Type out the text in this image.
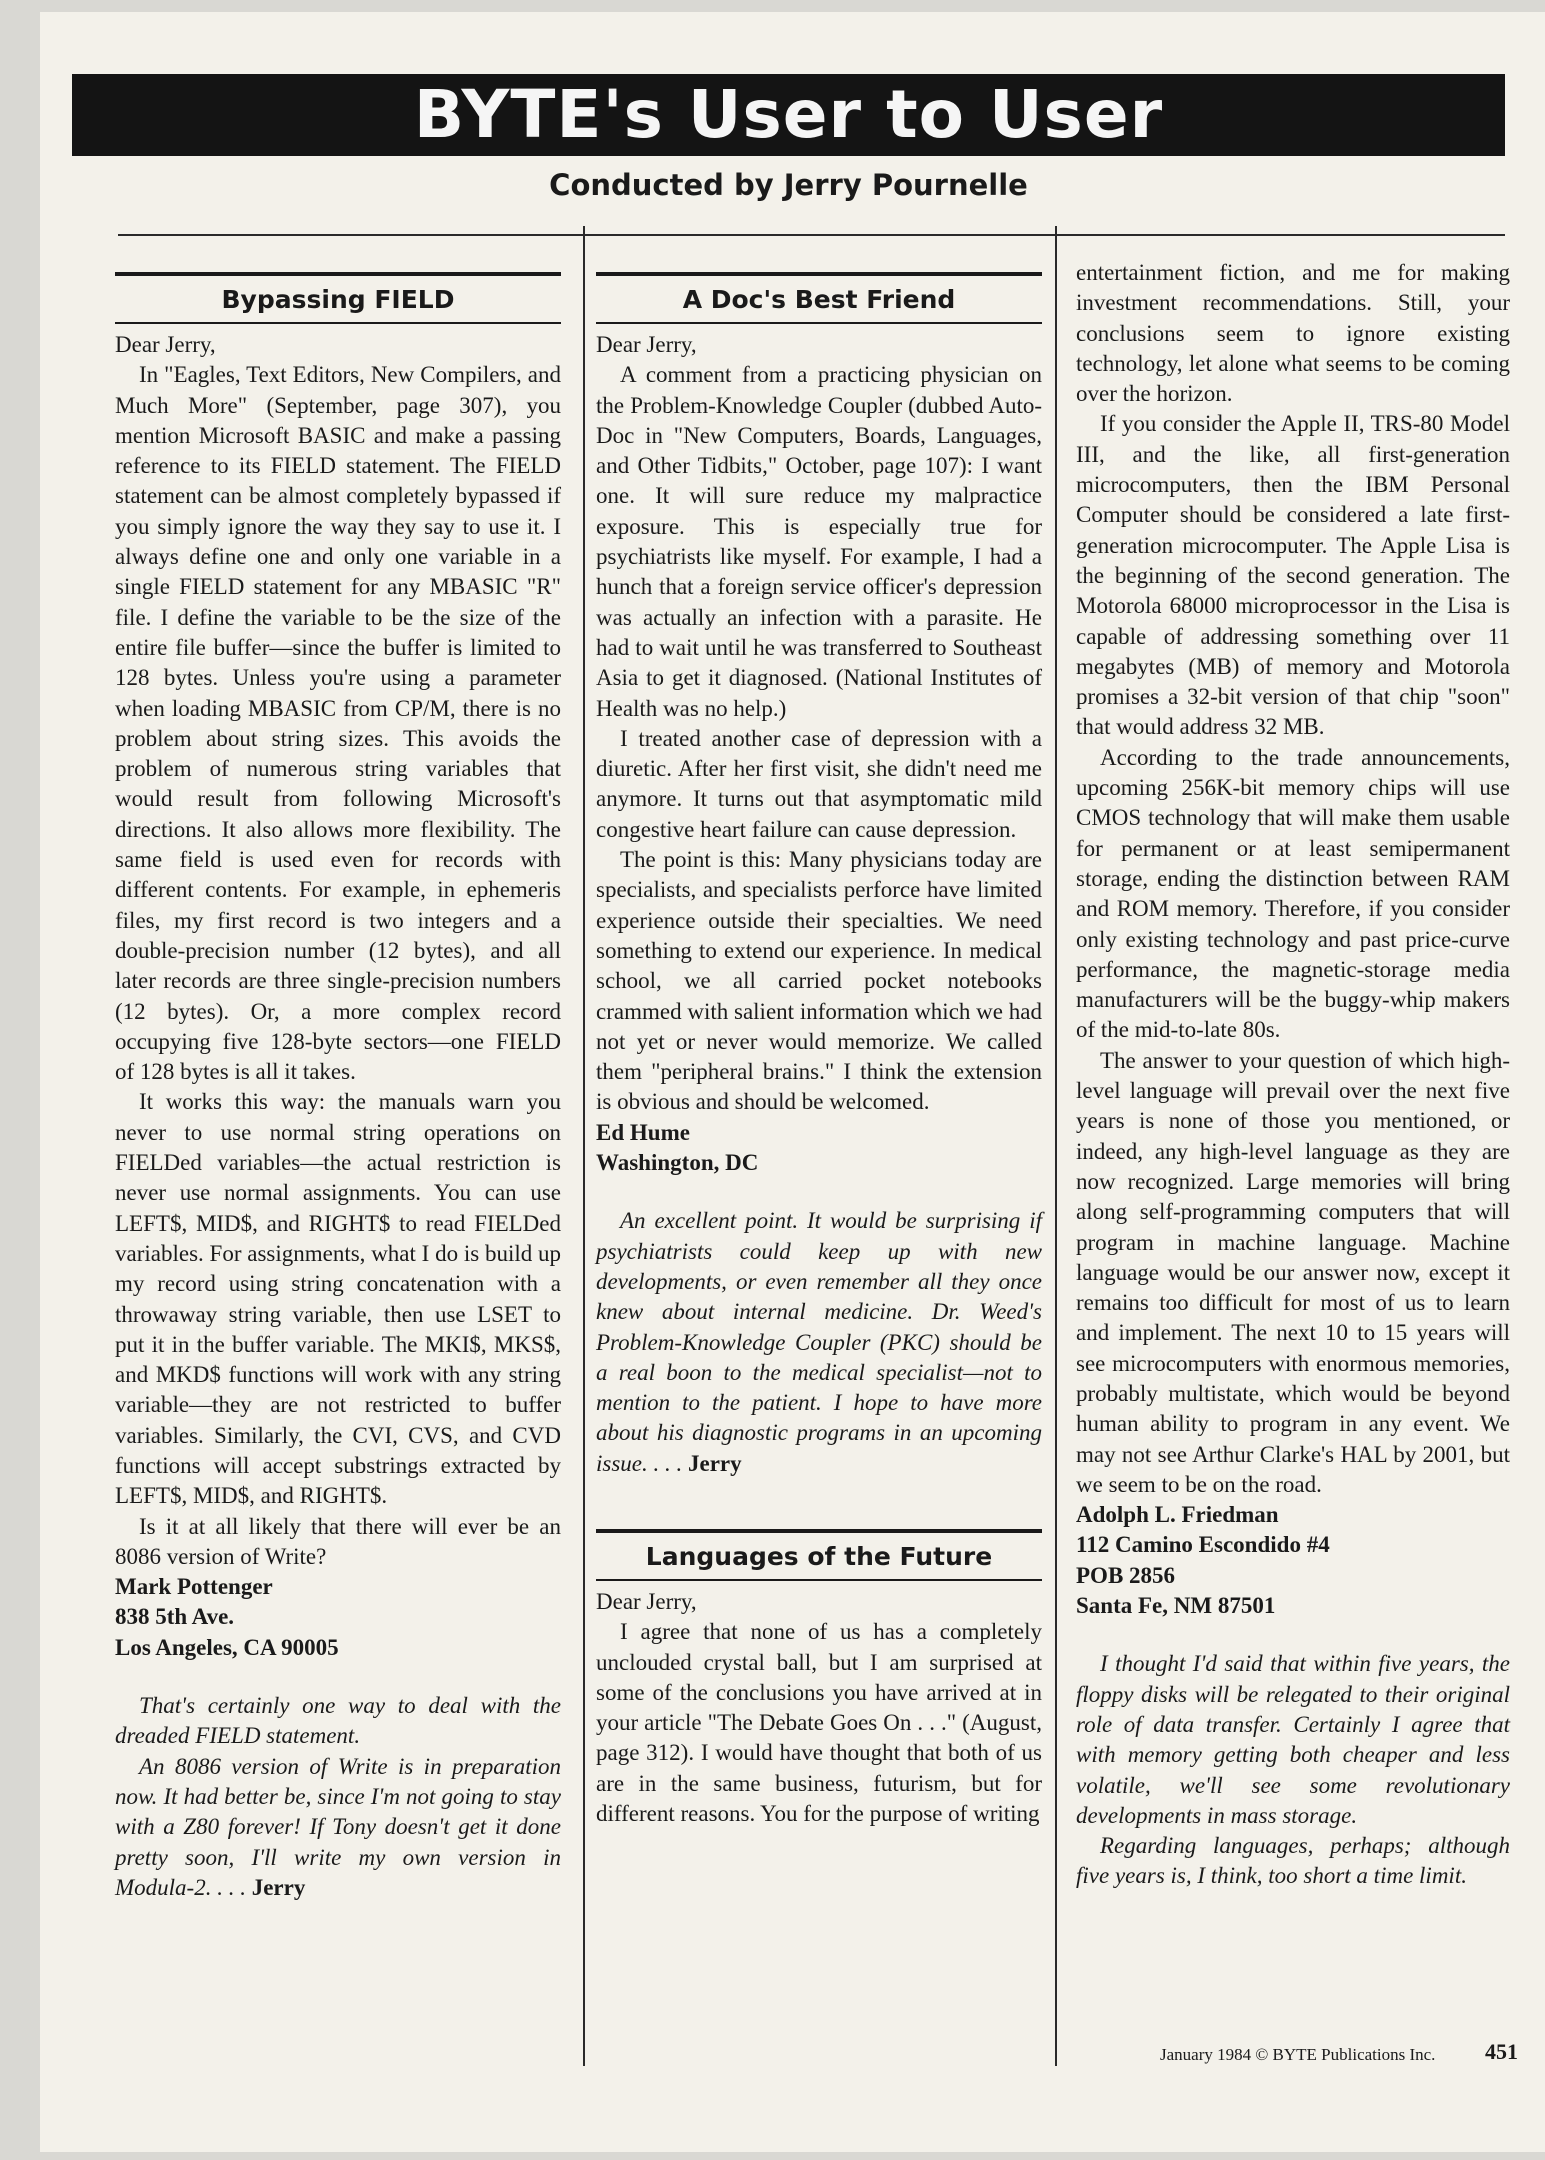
BYTE's User to User
Conducted by Jerry Pournelle
Bypassing FIELD

Dear Jerry,

In "Eagles, Text Editors, New Compilers, and Much More" (September, page 307), you mention Microsoft BASIC and make a passing reference to its FIELD statement. The FIELD statement can be almost completely bypassed if you simply ignore the way they say to use it. I always define one and only one variable in a single FIELD statement for any MBASIC "R" file. I define the variable to be the size of the entire file buffer—since the buffer is limited to 128 bytes. Unless you're using a parameter when loading MBASIC from CP/M, there is no problem about string sizes. This avoids the problem of numerous string variables that would result from following Microsoft's directions. It also allows more flexibility. The same field is used even for records with different contents. For example, in ephemeris files, my first record is two integers and a double-precision number (12 bytes), and all later records are three single-precision numbers (12 bytes). Or, a more complex record occupying five 128-byte sectors—one FIELD of 128 bytes is all it takes.

It works this way: the manuals warn you never to use normal string operations on FIELDed variables—the actual restriction is never use normal assignments. You can use LEFT$, MID$, and RIGHT$ to read FIELDed variables. For assignments, what I do is build up my record using string concatenation with a throwaway string variable, then use LSET to put it in the buffer variable. The MKI$, MKS$, and MKD$ functions will work with any string variable—they are not restricted to buffer variables. Similarly, the CVI, CVS, and CVD functions will accept substrings extracted by LEFT$, MID$, and RIGHT$.

Is it at all likely that there will ever be an 8086 version of Write?

Mark Pottenger

838 5th Ave.

Los Angeles, CA 90005

That's certainly one way to deal with the dreaded FIELD statement.

An 8086 version of Write is in preparation now. It had better be, since I'm not going to stay with a Z80 forever! If Tony doesn't get it done pretty soon, I'll write my own version in Modula-2. . . . Jerry

A Doc's Best Friend

Dear Jerry,

A comment from a practicing physician on the Problem-Knowledge Coupler (dubbed Auto-Doc in "New Computers, Boards, Languages, and Other Tidbits," October, page 107): I want one. It will sure reduce my malpractice exposure. This is especially true for psychiatrists like myself. For example, I had a hunch that a foreign service officer's depression was actually an infection with a parasite. He had to wait until he was transferred to Southeast Asia to get it diagnosed. (National Institutes of Health was no help.)

I treated another case of depression with a diuretic. After her first visit, she didn't need me anymore. It turns out that asymptomatic mild congestive heart failure can cause depression.

The point is this: Many physicians today are specialists, and specialists perforce have limited experience outside their specialties. We need something to extend our experience. In medical school, we all carried pocket notebooks crammed with salient information which we had not yet or never would memorize. We called them "peripheral brains." I think the extension is obvious and should be welcomed.

Ed Hume

Washington, DC

An excellent point. It would be surprising if psychiatrists could keep up with new developments, or even remember all they once knew about internal medicine. Dr. Weed's Problem-Knowledge Coupler (PKC) should be a real boon to the medical specialist—not to mention to the patient. I hope to have more about his diagnostic programs in an upcoming issue. . . . Jerry

Languages of the Future

Dear Jerry,

I agree that none of us has a completely unclouded crystal ball, but I am surprised at some of the conclusions you have arrived at in your article "The Debate Goes On . . ." (August, page 312). I would have thought that both of us are in the same business, futurism, but for different reasons. You for the purpose of writing

entertainment fiction, and me for making investment recommendations. Still, your conclusions seem to ignore existing technology, let alone what seems to be coming over the horizon.

If you consider the Apple II, TRS-80 Model III, and the like, all first-generation microcomputers, then the IBM Personal Computer should be considered a late first-generation microcomputer. The Apple Lisa is the beginning of the second generation. The Motorola 68000 microprocessor in the Lisa is capable of addressing something over 11 megabytes (MB) of memory and Motorola promises a 32-bit version of that chip "soon" that would address 32 MB.

According to the trade announcements, upcoming 256K-bit memory chips will use CMOS technology that will make them usable for permanent or at least semipermanent storage, ending the distinction between RAM and ROM memory. Therefore, if you consider only existing technology and past price-curve performance, the magnetic-storage media manufacturers will be the buggy-whip makers of the mid-to-late 80s.

The answer to your question of which high-level language will prevail over the next five years is none of those you mentioned, or indeed, any high-level language as they are now recognized. Large memories will bring along self-programming computers that will program in machine language. Machine language would be our answer now, except it remains too difficult for most of us to learn and implement. The next 10 to 15 years will see microcomputers with enormous memories, probably multistate, which would be beyond human ability to program in any event. We may not see Arthur Clarke's HAL by 2001, but we seem to be on the road.

Adolph L. Friedman

112 Camino Escondido #4

POB 2856

Santa Fe, NM 87501

I thought I'd said that within five years, the floppy disks will be relegated to their original role of data transfer. Certainly I agree that with memory getting both cheaper and less volatile, we'll see some revolutionary developments in mass storage.

Regarding languages, perhaps; although five years is, I think, too short a time limit.

January 1984 © BYTE Publications Inc. 451
